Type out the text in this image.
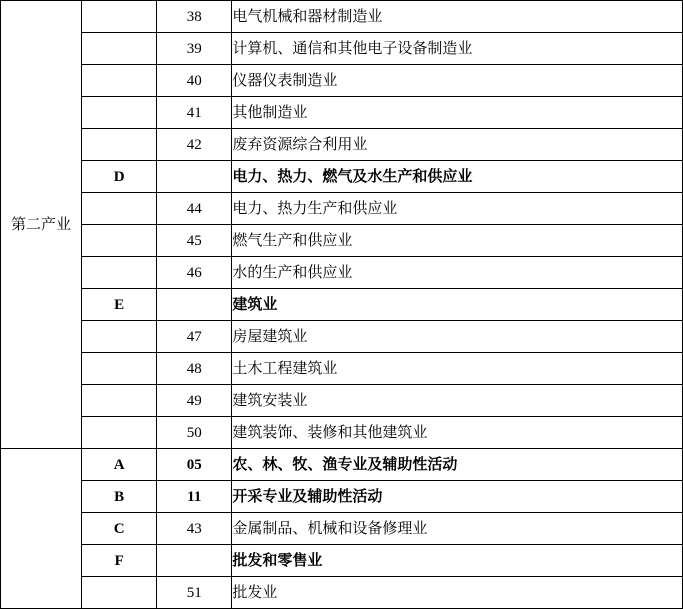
第二产业		38	电气机械和器材制造业
		39	计算机、通信和其他电子设备制造业
		40	仪器仪表制造业
		41	其他制造业
		42	废弃资源综合利用业
	D		电力、热力、燃气及水生产和供应业
		44	电力、热力生产和供应业
		45	燃气生产和供应业
		46	水的生产和供应业
	E		建筑业
		47	房屋建筑业
		48	土木工程建筑业
		49	建筑安装业
		50	建筑装饰、装修和其他建筑业
	A	05	农、林、牧、渔专业及辅助性活动
	B	11	开采专业及辅助性活动
	C	43	金属制品、机械和设备修理业
	F		批发和零售业
		51	批发业
